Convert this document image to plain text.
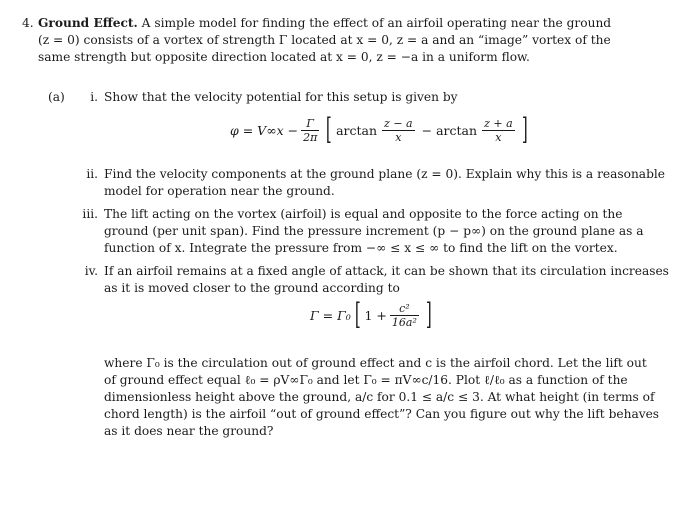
4. Ground Effect. A simple model for finding the effect of an airfoil operating near the ground
(z = 0) consists of a vortex of strength Γ located at x = 0, z = a and an “image” vortex of the
same strength but opposite direction located at x = 0, z = −a in a uniform flow.
(a)	i. Show that the velocity potential for this setup is given by
$\varphi = V\infty x - \frac{\Gamma}{2\pi}$ [ $\arctan \frac{z - a}{x} - \arctan \frac{z + a}{x}$ ]
ii. Find the velocity components at the ground plane (z = 0). Explain why this is a reasonable
model for operation near the ground.
iii. The lift acting on the vortex (airfoil) is equal and opposite to the force acting on the
ground (per unit span). Find the pressure increment (p − p∞) on the ground plane as a
function of x. Integrate the pressure from −∞ ≤ x ≤ ∞ to find the lift on the vortex.
iv. If an airfoil remains at a fixed angle of attack, it can be shown that its circulation increases
as it is moved closer to the ground according to
Γ = Γ₀ [ $1 + \frac{\text{c²}}{\text{16a²}}$ ]
where Γ₀ is the circulation out of ground effect and c is the airfoil chord. Let the lift out
of ground effect equal ℓ₀ = ρV∞Γ₀ and let Γ₀ = πV∞c/16. Plot ℓ/ℓ₀ as a function of the
dimensionless height above the ground, a/c for 0.1 ≤ a/c ≤ 3. At what height (in terms of
chord length) is the airfoil “out of ground effect”? Can you figure out why the lift behaves
as it does near the ground?
